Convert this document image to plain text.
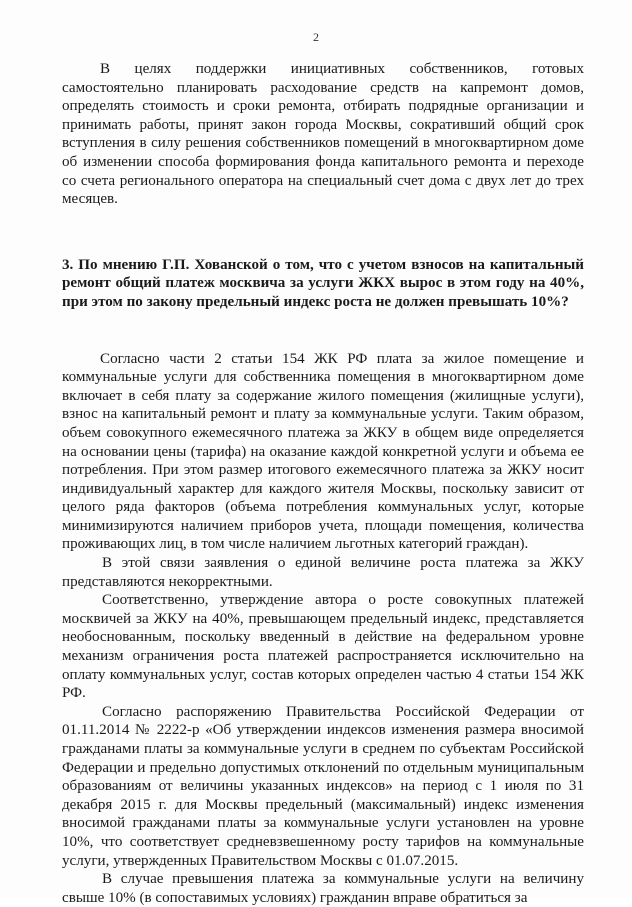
2

В целях поддержки инициативных собственников, готовых самостоятельно планировать расходование средств на капремонт домов, определять стоимость и сроки ремонта, отбирать подрядные организации и принимать работы, принят закон города Москвы, сокративший общий срок вступления в силу решения собственников помещений в многоквартирном доме об изменении способа формирования фонда капитального ремонта и переходе со счета регионального оператора на специальный счет дома с двух лет до трех месяцев.

3. По мнению Г.П. Хованской о том, что с учетом взносов на капитальный ремонт общий платеж москвича за услуги ЖКХ вырос в этом году на 40%, при этом по закону предельный индекс роста не должен превышать 10%?

Согласно части 2 статьи 154 ЖК РФ плата за жилое помещение и коммунальные услуги для собственника помещения в многоквартирном доме включает в себя плату за содержание жилого помещения (жилищные услуги), взнос на капитальный ремонт и плату за коммунальные услуги. Таким образом, объем совокупного ежемесячного платежа за ЖКУ в общем виде определяется на основании цены (тарифа) на оказание каждой конкретной услуги и объема ее потребления. При этом размер итогового ежемесячного платежа за ЖКУ носит индивидуальный характер для каждого жителя Москвы, поскольку зависит от целого ряда факторов (объема потребления коммунальных услуг, которые минимизируются наличием приборов учета, площади помещения, количества проживающих лиц, в том числе наличием льготных категорий граждан).

В этой связи заявления о единой величине роста платежа за ЖКУ представляются некорректными.

Соответственно, утверждение автора о росте совокупных платежей москвичей за ЖКУ на 40%, превышающем предельный индекс, представляется необоснованным, поскольку введенный в действие на федеральном уровне механизм ограничения роста платежей распространяется исключительно на оплату коммунальных услуг, состав которых определен частью 4 статьи 154 ЖК РФ.

Согласно распоряжению Правительства Российской Федерации от 01.11.2014 № 2222-р «Об утверждении индексов изменения размера вносимой гражданами платы за коммунальные услуги в среднем по субъектам Российской Федерации и предельно допустимых отклонений по отдельным муниципальным образованиям от величины указанных индексов» на период с 1 июля по 31 декабря 2015 г. для Москвы предельный (максимальный) индекс изменения вносимой гражданами платы за коммунальные услуги установлен на уровне 10%, что соответствует средневзвешенному росту тарифов на коммунальные услуги, утвержденных Правительством Москвы с 01.07.2015.

В случае превышения платежа за коммунальные услуги на величину свыше 10% (в сопоставимых условиях) гражданин вправе обратиться за
